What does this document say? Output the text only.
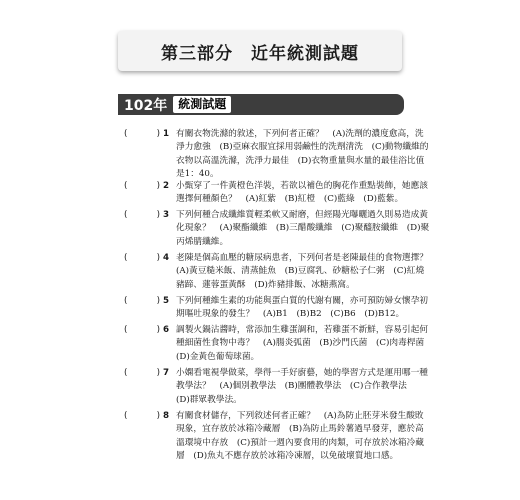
第三部分　近年統測試題
102年 統測試題
(	) 1 有關衣物洗滌的敘述，下列何者正確？　(A)洗劑的濃度愈高，洗
淨力愈強　(B)亞麻衣服宜採用弱鹼性的洗劑清洗　(C)動物纖維的
衣物以高溫洗滌，洗淨力最佳　(D)衣物重量與水量的最佳浴比值
是1：40。
(	) 2 小甄穿了一件黃橙色洋裝，若欲以補色的胸花作重點裝飾，她應該
選擇何種顏色？　(A)紅紫　(B)紅橙　(C)藍綠　(D)藍紫。
(	) 3 下列何種合成纖維質輕柔軟又耐磨，但經陽光曝曬過久則易造成黃
化現象？　(A)聚酯纖維　(B)三醋酸纖維　(C)聚醯胺纖維　(D)聚
丙烯腈纖維。
(	) 4 老陳是個高血壓的糖尿病患者，下列何者是老陳最佳的食物選擇？
(A)黃豆糙米飯、清蒸鮭魚　(B)豆腐乳、砂糖松子仁粥　(C)紅燒
豬蹄、蓮蓉蛋黃酥　(D)炸豬排飯、冰糖燕窩。
(	) 5 下列何種維生素的功能與蛋白質的代謝有關，亦可預防婦女懷孕初
期嘔吐現象的發生？　(A)B1　(B)B2　(C)B6　(D)B12。
(	) 6 調製火鍋沾醬時，常添加生雞蛋調和，若雞蛋不新鮮，容易引起何
種細菌性食物中毒？　(A)腸炎弧菌　(B)沙門氏菌　(C)肉毒桿菌
(D)金黃色葡萄球菌。
(	) 7 小嫻看電視學做菜，學得一手好廚藝，她的學習方式是運用哪一種
教學法？　(A)個別教學法　(B)團體教學法　(C)合作教學法
(D)群眾教學法。
(	) 8 有關食材儲存，下列敘述何者正確？　(A)為防止胚芽米發生酸敗
現象，宜存放於冰箱冷藏層　(B)為防止馬鈴薯過早發芽，應於高
溫環境中存放　(C)預計一週內要食用的肉類，可存放於冰箱冷藏
層　(D)魚丸不應存放於冰箱冷凍層，以免破壞質地口感。
